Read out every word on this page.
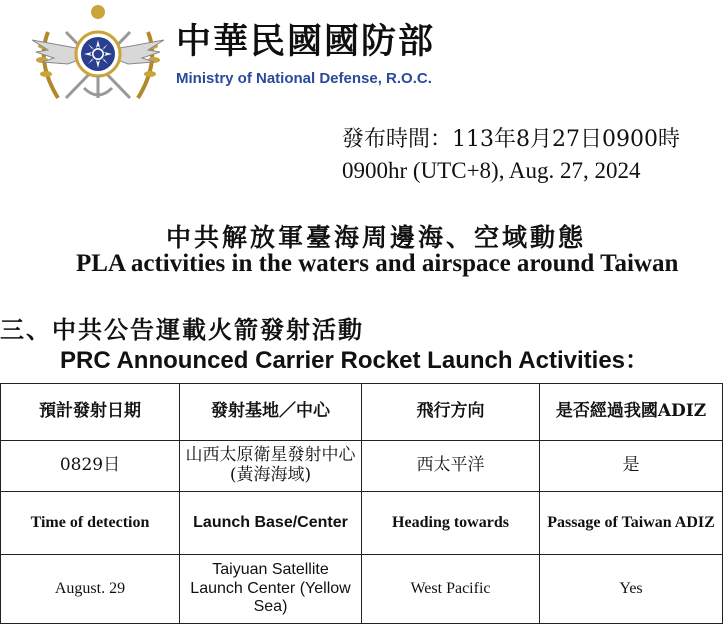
中華民國國防部
Ministry of National Defense, R.O.C.
發布時間：113年8月27日0900時
0900hr (UTC+8), Aug. 27, 2024
中共解放軍臺海周邊海、空域動態
PLA activities in the waters and airspace around Taiwan
三、中共公告運載火箭發射活動
PRC Announced Carrier Rocket Launch Activities：
預計發射日期	發射基地／中心	飛行方向	是否經過我國ADIZ
0829日	山西太原衛星發射中心(黃海海域)	西太平洋	是
Time of detection	Launch Base/Center	Heading towards	Passage of Taiwan ADIZ
August. 29	Taiyuan Satellite Launch Center (Yellow Sea)	West Pacific	Yes
